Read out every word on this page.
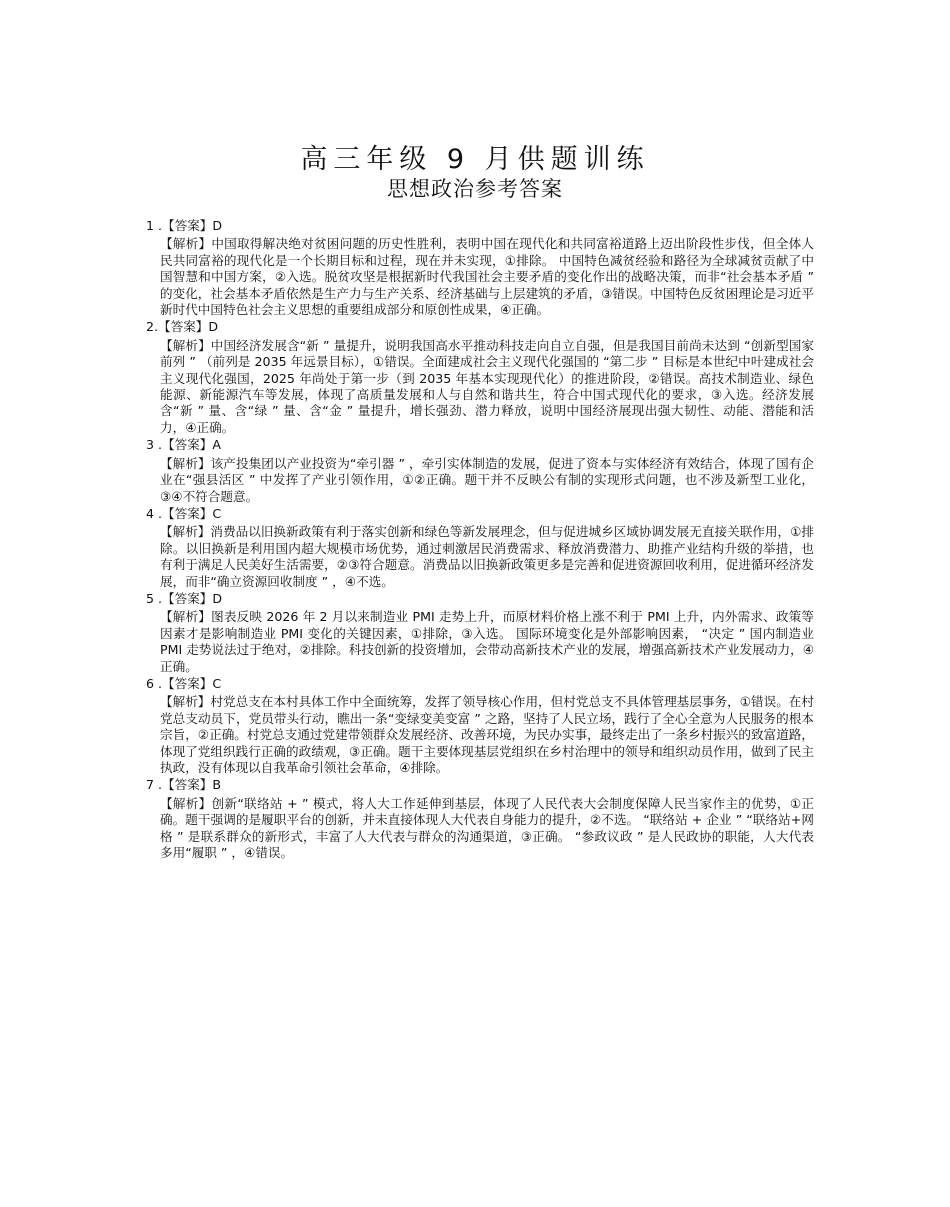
高三年级 9 月供题训练
思想政治参考答案

1 .【答案】D

【解析】中国取得解决绝对贫困问题的历史性胜利，表明中国在现代化和共同富裕道路上迈出阶段性步伐，但全体人民共同富裕的现代化是一个长期目标和过程，现在并未实现，①排除。 中国特色减贫经验和路径为全球减贫贡献了中国智慧和中国方案，②入选。脱贫攻坚是根据新时代我国社会主要矛盾的变化作出的战略决策，而非“社会基本矛盾 ” 的变化，社会基本矛盾依然是生产力与生产关系、经济基础与上层建筑的矛盾，③错误。中国特色反贫困理论是习近平新时代中国特色社会主义思想的重要组成部分和原创性成果，④正确。

2.【答案】D

【解析】中国经济发展含“新 ” 量提升，说明我国高水平推动科技走向自立自强，但是我国目前尚未达到 “创新型国家前列 ” （前列是 2035 年远景目标），①错误。全面建成社会主义现代化强国的 “第二步 ” 目标是本世纪中叶建成社会主义现代化强国，2025 年尚处于第一步（到 2035 年基本实现现代化）的推进阶段，②错误。高技术制造业、绿色能源、新能源汽车等发展，体现了高质量发展和人与自然和谐共生，符合中国式现代化的要求，③入选。经济发展含“新 ” 量、含“绿 ” 量、含“金 ” 量提升，增长强劲、潜力释放，说明中国经济展现出强大韧性、动能、潜能和活力，④正确。

3 .【答案】A

【解析】该产投集团以产业投资为“牵引器 ” ，牵引实体制造的发展，促进了资本与实体经济有效结合，体现了国有企业在“强县活区 ” 中发挥了产业引领作用，①②正确。题干并不反映公有制的实现形式问题，也不涉及新型工业化，③④不符合题意。

4 .【答案】C

【解析】消费品以旧换新政策有利于落实创新和绿色等新发展理念，但与促进城乡区域协调发展无直接关联作用，①排除。以旧换新是利用国内超大规模市场优势，通过刺激居民消费需求、释放消费潜力、助推产业结构升级的举措，也有利于满足人民美好生活需要，②③符合题意。消费品以旧换新政策更多是完善和促进资源回收利用，促进循环经济发展，而非“确立资源回收制度 ” ，④不选。

5 .【答案】D

【解析】图表反映 2026 年 2 月以来制造业 PMI 走势上升，而原材料价格上涨不利于 PMI 上升，内外需求、政策等因素才是影响制造业 PMI 变化的关键因素，①排除，③入选。 国际环境变化是外部影响因素， “决定 ” 国内制造业 PMI 走势说法过于绝对，②排除。科技创新的投资增加，会带动高新技术产业的发展，增强高新技术产业发展动力，④正确。

6 .【答案】C

【解析】村党总支在本村具体工作中全面统筹，发挥了领导核心作用，但村党总支不具体管理基层事务，①错误。在村党总支动员下，党员带头行动，瞧出一条“变绿变美变富 ” 之路，坚持了人民立场，践行了全心全意为人民服务的根本宗旨，②正确。村党总支通过党建带领群众发展经济、改善环境，为民办实事，最终走出了一条乡村振兴的致富道路，体现了党组织践行正确的政绩观，③正确。题干主要体现基层党组织在乡村治理中的领导和组织动员作用，做到了民主执政，没有体现以自我革命引领社会革命，④排除。

7 .【答案】B

【解析】创新“联络站 + ” 模式，将人大工作延伸到基层，体现了人民代表大会制度保障人民当家作主的优势，①正确。题干强调的是履职平台的创新，并未直接体现人大代表自身能力的提升，②不选。 “联络站 + 企业 ” “联络站+网格 ” 是联系群众的新形式，丰富了人大代表与群众的沟通渠道，③正确。 “参政议政 ” 是人民政协的职能，人大代表多用“履职 ” ，④错误。
